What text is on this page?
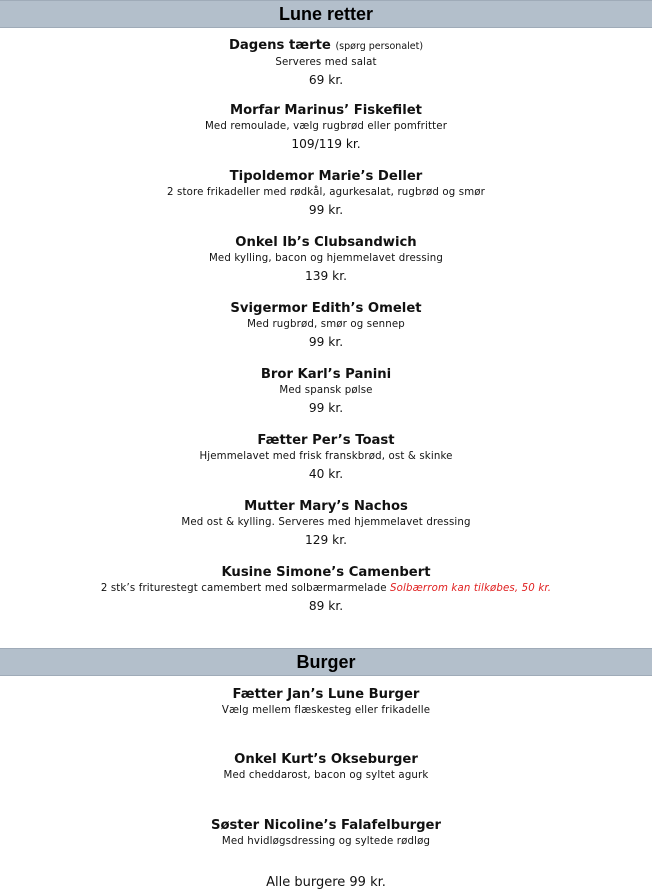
Lune retter
Dagens tærte (spørg personalet)
Serveres med salat
69 kr.
Morfar Marinus’ Fiskefilet
Med remoulade, vælg rugbrød eller pomfritter
109/119 kr.
Tipoldemor Marie’s Deller
2 store frikadeller med rødkål, agurkesalat, rugbrød og smør
99 kr.
Onkel Ib’s Clubsandwich
Med kylling, bacon og hjemmelavet dressing
139 kr.
Svigermor Edith’s Omelet
Med rugbrød, smør og sennep
99 kr.
Bror Karl’s Panini
Med spansk pølse
99 kr.
Fætter Per’s Toast
Hjemmelavet med frisk franskbrød, ost & skinke
40 kr.
Mutter Mary’s Nachos
Med ost & kylling. Serveres med hjemmelavet dressing
129 kr.
Kusine Simone’s Camenbert
2 stk’s friturestegt camembert med solbærmarmelade Solbærrom kan tilkøbes, 50 kr.
89 kr.
Burger
Fætter Jan’s Lune Burger
Vælg mellem flæskesteg eller frikadelle
Onkel Kurt’s Okseburger
Med cheddarost, bacon og syltet agurk
Søster Nicoline’s Falafelburger
Med hvidløgsdressing og syltede rødløg
Alle burgere 99 kr.
